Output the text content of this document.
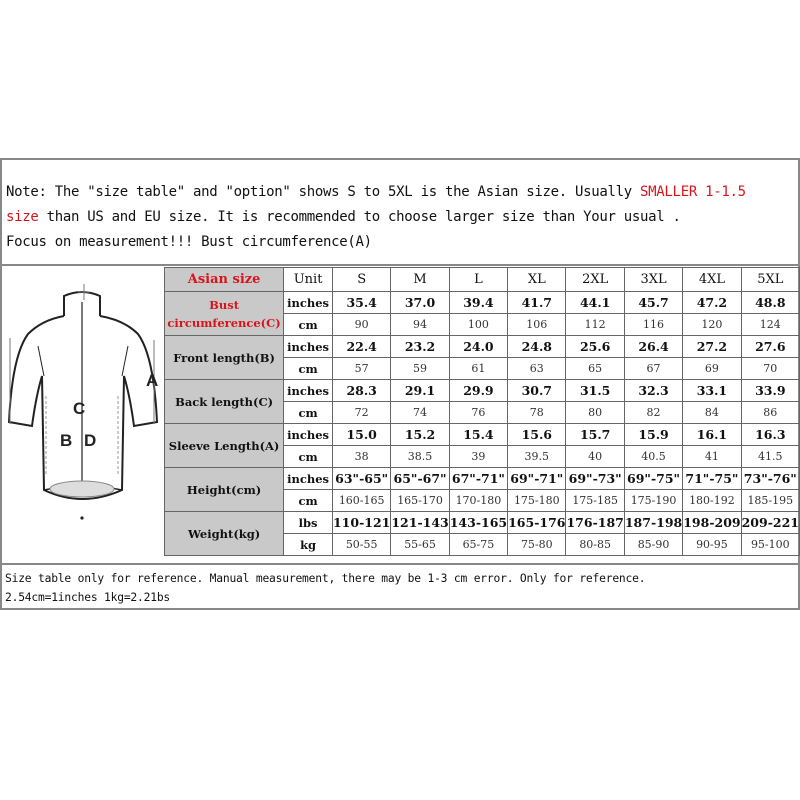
Note: The "size table" and "option" shows S to 5XL is the Asian size. Usually SMALLER 1-1.5
size than US and EU size. It is recommended to choose larger size than Your usual .
Focus on measurement!!! Bust circumference(A)
A
B
C
D
Asian size	Unit	S	M	L	XL	2XL	3XL	4XL	5XL
Bust circumference(C)	inches	35.4	37.0	39.4	41.7	44.1	45.7	47.2	48.8
	cm	90	94	100	106	112	116	120	124
Front length(B)	inches	22.4	23.2	24.0	24.8	25.6	26.4	27.2	27.6
	cm	57	59	61	63	65	67	69	70
Back length(C)	inches	28.3	29.1	29.9	30.7	31.5	32.3	33.1	33.9
	cm	72	74	76	78	80	82	84	86
Sleeve Length(A)	inches	15.0	15.2	15.4	15.6	15.7	15.9	16.1	16.3
	cm	38	38.5	39	39.5	40	40.5	41	41.5
Height(cm)	inches	63"-65"	65"-67"	67"-71"	69"-71"	69"-73"	69"-75"	71"-75"	73"-76"
	cm	160-165	165-170	170-180	175-180	175-185	175-190	180-192	185-195
Weight(kg)	lbs	110-121	121-143	143-165	165-176	176-187	187-198	198-209	209-221
	kg	50-55	55-65	65-75	75-80	80-85	85-90	90-95	95-100
Size table only for reference. Manual measurement, there may be 1-3 cm error. Only for reference.
2.54cm=1inches 1kg=2.21bs
